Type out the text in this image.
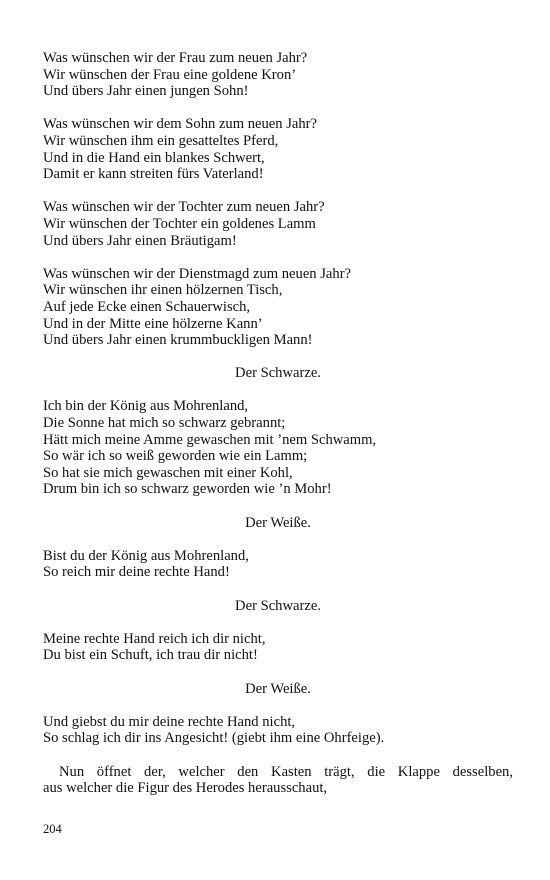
Was wünschen wir der Frau zum neuen Jahr?
Wir wünschen der Frau eine goldene Kron’
Und übers Jahr einen jungen Sohn!
Was wünschen wir dem Sohn zum neuen Jahr?
Wir wünschen ihm ein gesatteltes Pferd,
Und in die Hand ein blankes Schwert,
Damit er kann streiten fürs Vaterland!
Was wünschen wir der Tochter zum neuen Jahr?
Wir wünschen der Tochter ein goldenes Lamm
Und übers Jahr einen Bräutigam!
Was wünschen wir der Dienstmagd zum neuen Jahr?
Wir wünschen ihr einen hölzernen Tisch,
Auf jede Ecke einen Schauerwisch,
Und in der Mitte eine hölzerne Kann’
Und übers Jahr einen krummbuckligen Mann!
Der Schwarze.
Ich bin der König aus Mohrenland,
Die Sonne hat mich so schwarz gebrannt;
Hätt mich meine Amme gewaschen mit ’nem Schwamm,
So wär ich so weiß geworden wie ein Lamm;
So hat sie mich gewaschen mit einer Kohl,
Drum bin ich so schwarz geworden wie ’n Mohr!
Der Weiße.
Bist du der König aus Mohrenland,
So reich mir deine rechte Hand!
Der Schwarze.
Meine rechte Hand reich ich dir nicht,
Du bist ein Schuft, ich trau dir nicht!
Der Weiße.
Und giebst du mir deine rechte Hand nicht,
So schlag ich dir ins Angesicht! (giebt ihm eine Ohrfeige).
Nun öffnet der, welcher den Kasten trägt, die Klappe desselben,
aus welcher die Figur des Herodes herausschaut,
204
